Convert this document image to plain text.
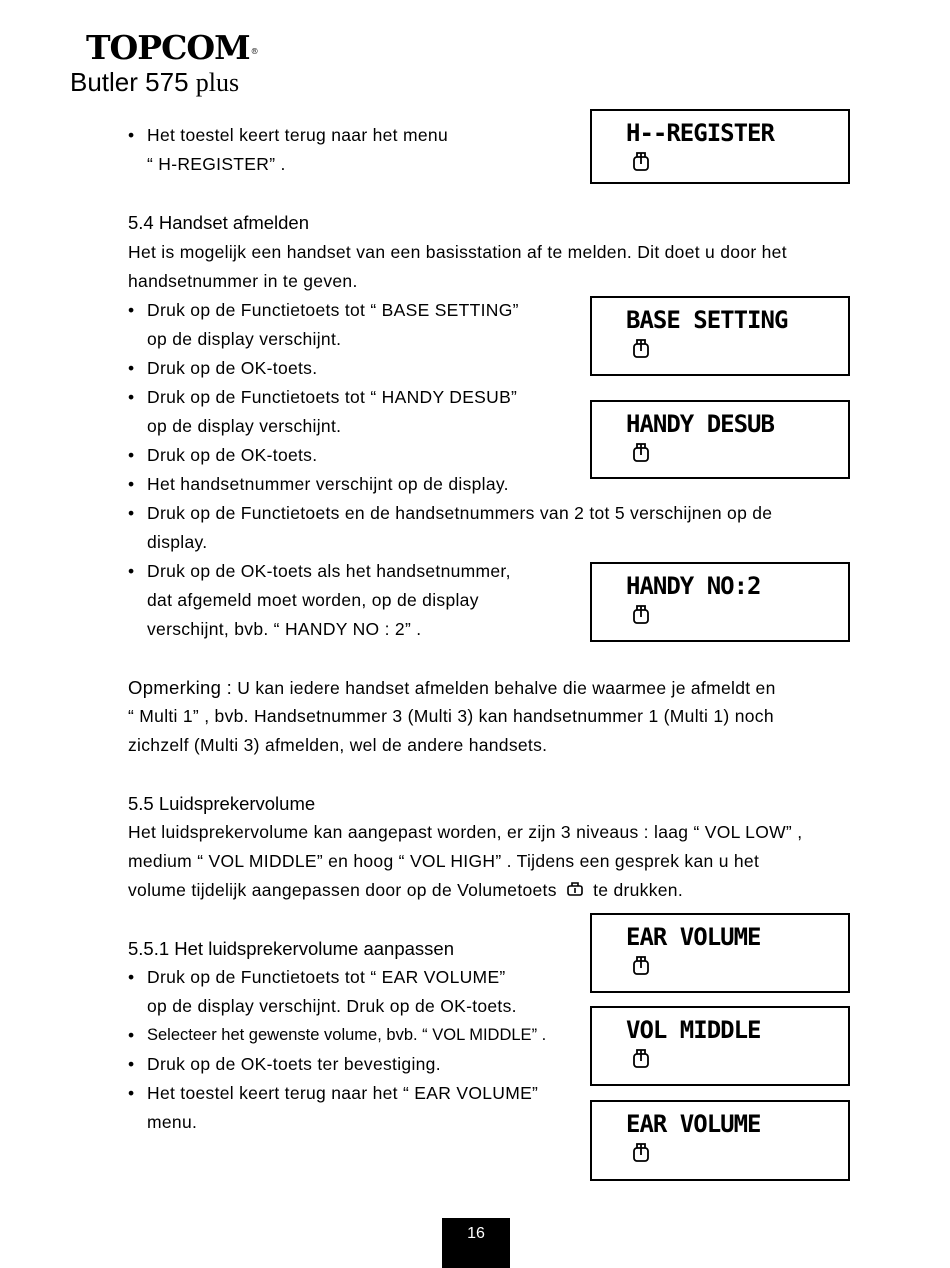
TOPCOM®
Butler 575 plus
• Het toestel keert terug naar het menu
“ H-REGISTER” .
5.4 Handset afmelden
Het is mogelijk een handset van een basisstation af te melden. Dit doet u door het
handsetnummer in te geven.
• Druk op de Functietoets tot “ BASE SETTING”
op de display verschijnt.
• Druk op de OK-toets.
• Druk op de Functietoets tot “ HANDY DESUB”
op de display verschijnt.
• Druk op de OK-toets.
• Het handsetnummer verschijnt op de display.
• Druk op de Functietoets en de handsetnummers van 2 tot 5 verschijnen op de
display.
• Druk op de OK-toets als het handsetnummer,
dat afgemeld moet worden, op de display
verschijnt, bvb. “ HANDY NO : 2” .
Opmerking : U kan iedere handset afmelden behalve die waarmee je afmeldt en
“ Multi 1” , bvb. Handsetnummer 3 (Multi 3) kan handsetnummer 1 (Multi 1) noch
zichzelf (Multi 3) afmelden, wel de andere handsets.
5.5 Luidsprekervolume
Het luidsprekervolume kan aangepast worden, er zijn 3 niveaus : laag “ VOL LOW” ,
medium “ VOL MIDDLE” en hoog “ VOL HIGH” . Tijdens een gesprek kan u het
volume tijdelijk aangepassen door op de Volumetoets te drukken.
5.5.1 Het luidsprekervolume aanpassen
• Druk op de Functietoets tot “ EAR VOLUME”
op de display verschijnt. Druk op de OK-toets.
• Selecteer het gewenste volume, bvb. “ VOL MIDDLE” .
• Druk op de OK-toets ter bevestiging.
• Het toestel keert terug naar het “ EAR VOLUME”
menu.
H--REGISTER
BASE SETTING
HANDY DESUB
HANDY NO:2
EAR VOLUME
VOL MIDDLE
EAR VOLUME
16
